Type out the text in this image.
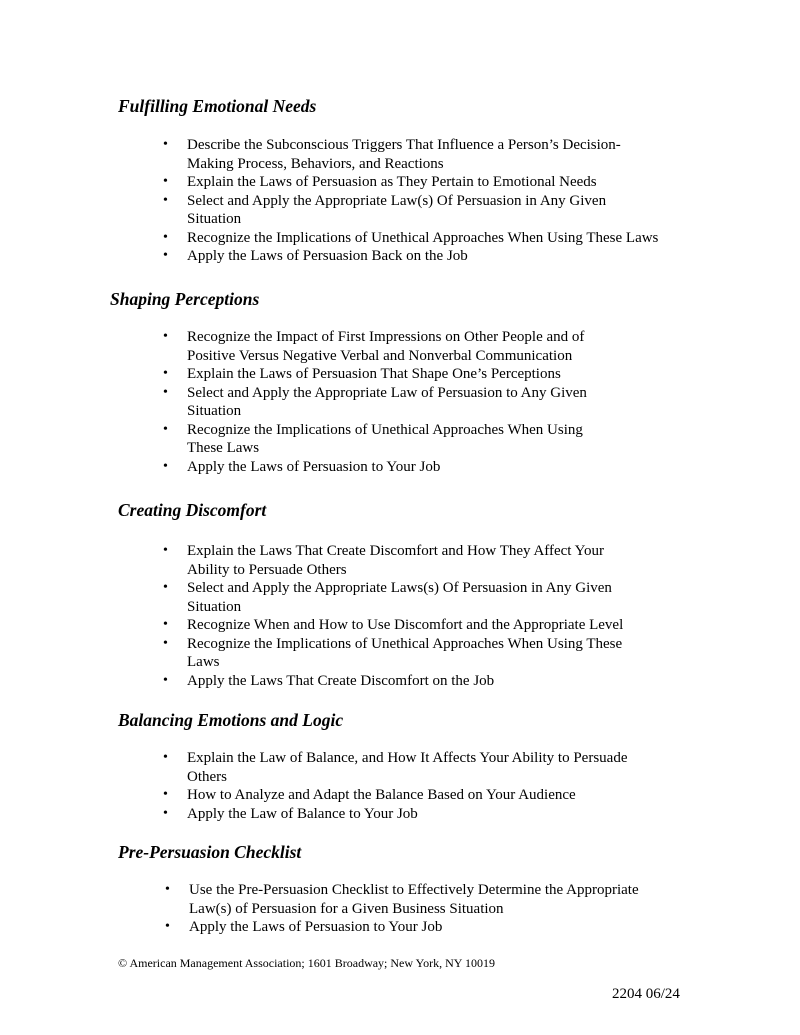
Fulfilling Emotional Needs
• Describe the Subconscious Triggers That Influence a Person’s Decision-
Making Process, Behaviors, and Reactions
• Explain the Laws of Persuasion as They Pertain to Emotional Needs
• Select and Apply the Appropriate Law(s) Of Persuasion in Any Given
Situation
• Recognize the Implications of Unethical Approaches When Using These Laws
• Apply the Laws of Persuasion Back on the Job
Shaping Perceptions
• Recognize the Impact of First Impressions on Other People and of
Positive Versus Negative Verbal and Nonverbal Communication
• Explain the Laws of Persuasion That Shape One’s Perceptions
• Select and Apply the Appropriate Law of Persuasion to Any Given
Situation
• Recognize the Implications of Unethical Approaches When Using
These Laws
• Apply the Laws of Persuasion to Your Job
Creating Discomfort
• Explain the Laws That Create Discomfort and How They Affect Your
Ability to Persuade Others
• Select and Apply the Appropriate Laws(s) Of Persuasion in Any Given
Situation
• Recognize When and How to Use Discomfort and the Appropriate Level
• Recognize the Implications of Unethical Approaches When Using These
Laws
• Apply the Laws That Create Discomfort on the Job
Balancing Emotions and Logic
• Explain the Law of Balance, and How It Affects Your Ability to Persuade
Others
• How to Analyze and Adapt the Balance Based on Your Audience
• Apply the Law of Balance to Your Job
Pre-Persuasion Checklist
• Use the Pre-Persuasion Checklist to Effectively Determine the Appropriate
Law(s) of Persuasion for a Given Business Situation
• Apply the Laws of Persuasion to Your Job
© American Management Association; 1601 Broadway; New York, NY 10019
2204 06/24
